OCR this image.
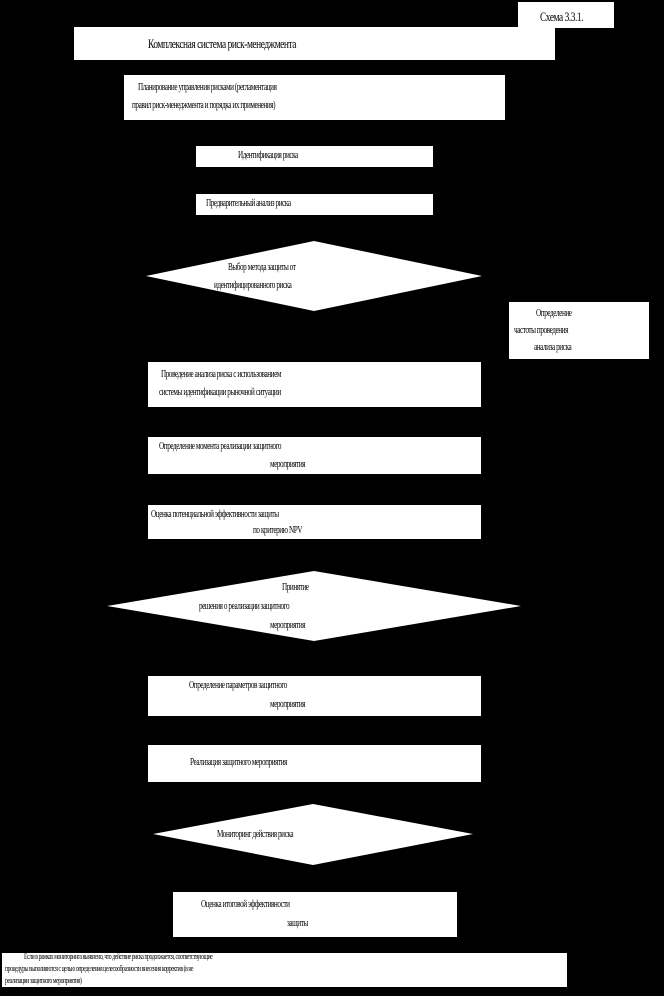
Схема 3.3.1.
Комплексная система риск-менеджмента
Планирование управления рисками (регламентация
правил риск-менеджмента и порядка их применения)
Идентификация риска
Предварительный анализ риска
Выбор метода защиты от
идентифицированного риска
Определение
частоты проведения
анализа риска
Проведение анализа риска с использованием
системы идентификации рыночной ситуации
Определение момента реализации защитного
мероприятия
Оценка потенциальной эффективности защиты
по критерию NPV
Принятие
решения о реализации защитного
мероприятия
Определение параметров защитного
мероприятия
Реализация защитного мероприятия
Мониторинг действия риска
Оценка итоговой эффективности
защиты
Если в рамках мониторинга выявлено, что действие риска продолжается, соответствующие
процедуры выполняются с целью определения целесообразности внесения корректив (в не
реализации защитного мероприятия)
